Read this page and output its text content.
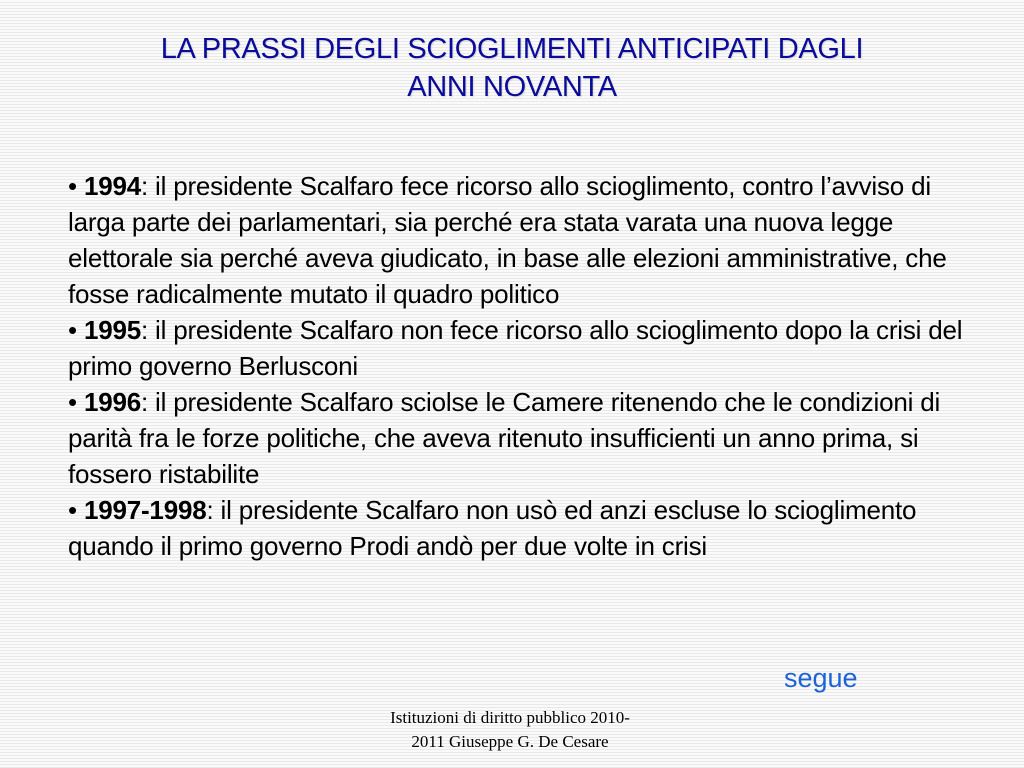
LA PRASSI DEGLI SCIOGLIMENTI ANTICIPATI DAGLI
ANNI NOVANTA

• 1994: il presidente Scalfaro fece ricorso allo scioglimento, contro l’avviso di larga parte dei parlamentari, sia perché era stata varata una nuova legge elettorale sia perché aveva giudicato, in base alle elezioni amministrative, che fosse radicalmente mutato il quadro politico

• 1995: il presidente Scalfaro non fece ricorso allo scioglimento dopo la crisi del primo governo Berlusconi

• 1996: il presidente Scalfaro sciolse le Camere ritenendo che le condizioni di parità fra le forze politiche, che aveva ritenuto insufficienti un anno prima, si fossero ristabilite

• 1997-1998: il presidente Scalfaro non usò ed anzi escluse lo scioglimento quando il primo governo Prodi andò per due volte in crisi

segue
Istituzioni di diritto pubblico 2010-
2011 Giuseppe G. De Cesare
